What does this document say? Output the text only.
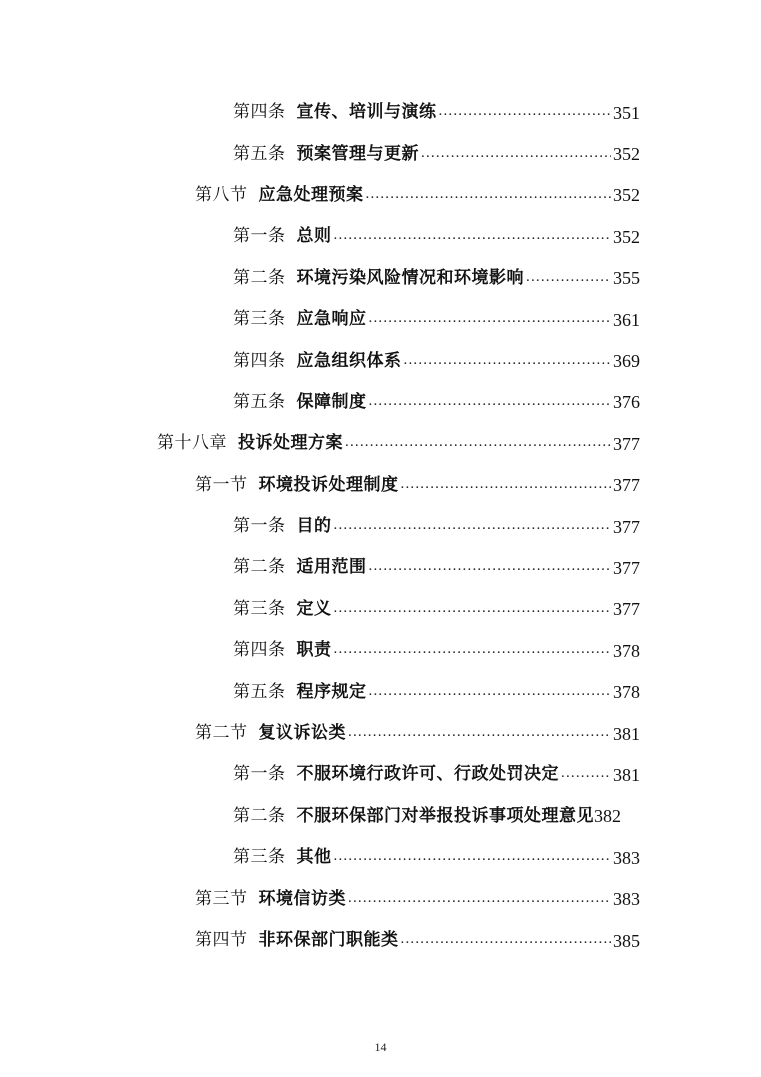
第四条 宣传、培训与演练 .....	351
第五条 预案管理与更新 .....	352
第八节 应急处理预案 .....	352
第一条 总则 .....	352
第二条 环境污染风险情况和环境影响 .....	355
第三条 应急响应 .....	361
第四条 应急组织体系 .....	369
第五条 保障制度 .....	376
第十八章 投诉处理方案 .....	377
第一节 环境投诉处理制度 .....	377
第一条 目的 .....	377
第二条 适用范围 .....	377
第三条 定义 .....	377
第四条 职责 .....	378
第五条 程序规定 .....	378
第二节 复议诉讼类 .....	381
第一条 不服环境行政许可、行政处罚决定 .....	381
第二条 不服环保部门对举报投诉事项处理意见 382
第三条 其他 .....	383
第三节 环境信访类 .....	383
第四节 非环保部门职能类 .....	385
14
